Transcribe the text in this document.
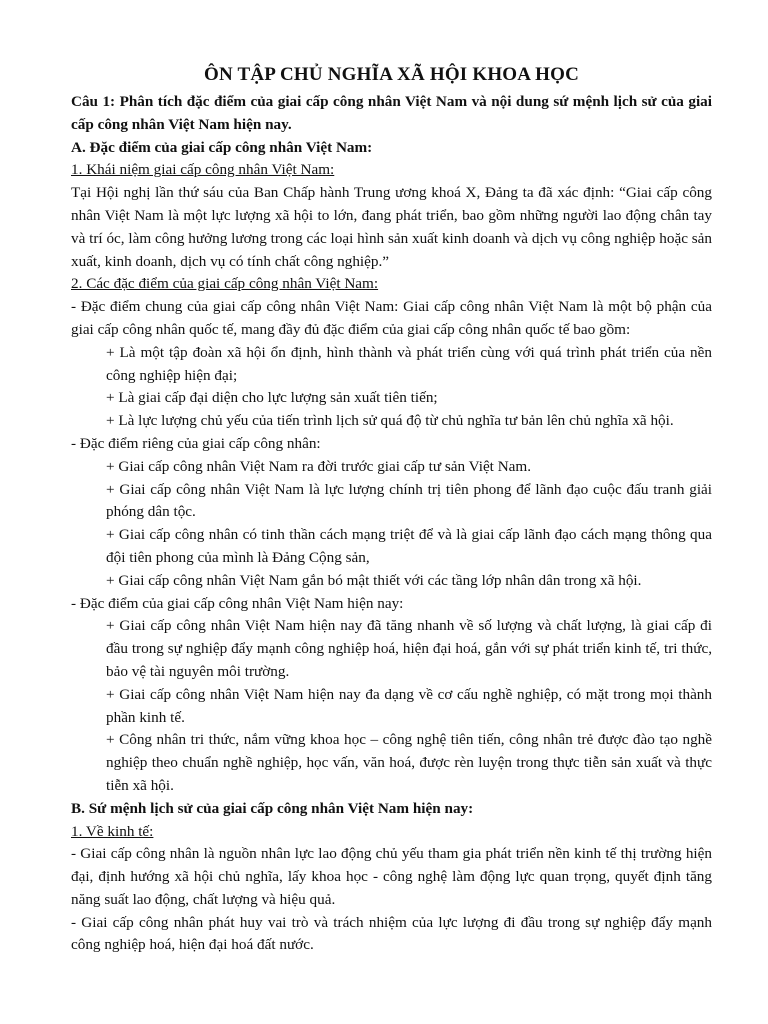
ÔN TẬP CHỦ NGHĨA XÃ HỘI KHOA HỌC

Câu 1: Phân tích đặc điểm của giai cấp công nhân Việt Nam và nội dung sứ mệnh lịch sử của giai cấp công nhân Việt Nam hiện nay.

A. Đặc điểm của giai cấp công nhân Việt Nam:

1. Khái niệm giai cấp công nhân Việt Nam:

Tại Hội nghị lần thứ sáu của Ban Chấp hành Trung ương khoá X, Đảng ta đã xác định: “Giai cấp công nhân Việt Nam là một lực lượng xã hội to lớn, đang phát triển, bao gồm những người lao động chân tay và trí óc, làm công hưởng lương trong các loại hình sản xuất kinh doanh và dịch vụ công nghiệp hoặc sản xuất, kinh doanh, dịch vụ có tính chất công nghiệp.”

2. Các đặc điểm của giai cấp công nhân Việt Nam:

- Đặc điểm chung của giai cấp công nhân Việt Nam: Giai cấp công nhân Việt Nam là một bộ phận của giai cấp công nhân quốc tế, mang đầy đủ đặc điểm của giai cấp công nhân quốc tế bao gồm:

+ Là một tập đoàn xã hội ổn định, hình thành và phát triển cùng với quá trình phát triển của nền công nghiệp hiện đại;

+ Là giai cấp đại diện cho lực lượng sản xuất tiên tiến;

+ Là lực lượng chủ yếu của tiến trình lịch sử quá độ từ chủ nghĩa tư bản lên chủ nghĩa xã hội.

- Đặc điểm riêng của giai cấp công nhân:

+ Giai cấp công nhân Việt Nam ra đời trước giai cấp tư sản Việt Nam.

+ Giai cấp công nhân Việt Nam là lực lượng chính trị tiên phong để lãnh đạo cuộc đấu tranh giải phóng dân tộc.

+ Giai cấp công nhân có tinh thần cách mạng triệt để và là giai cấp lãnh đạo cách mạng thông qua đội tiên phong của mình là Đảng Cộng sản,

+ Giai cấp công nhân Việt Nam gắn bó mật thiết với các tầng lớp nhân dân trong xã hội.

- Đặc điểm của giai cấp công nhân Việt Nam hiện nay:

+ Giai cấp công nhân Việt Nam hiện nay đã tăng nhanh về số lượng và chất lượng, là giai cấp đi đầu trong sự nghiệp đẩy mạnh công nghiệp hoá, hiện đại hoá, gắn với sự phát triển kinh tế, tri thức, bảo vệ tài nguyên môi trường.

+ Giai cấp công nhân Việt Nam hiện nay đa dạng về cơ cấu nghề nghiệp, có mặt trong mọi thành phần kinh tế.

+ Công nhân tri thức, nắm vững khoa học – công nghệ tiên tiến, công nhân trẻ được đào tạo nghề nghiệp theo chuẩn nghề nghiệp, học vấn, văn hoá, được rèn luyện trong thực tiễn sản xuất và thực tiễn xã hội.

B. Sứ mệnh lịch sử của giai cấp công nhân Việt Nam hiện nay:

1. Về kinh tế:

- Giai cấp công nhân là nguồn nhân lực lao động chủ yếu tham gia phát triển nền kinh tế thị trường hiện đại, định hướng xã hội chủ nghĩa, lấy khoa học - công nghệ làm động lực quan trọng, quyết định tăng năng suất lao động, chất lượng và hiệu quả.

- Giai cấp công nhân phát huy vai trò và trách nhiệm của lực lượng đi đầu trong sự nghiệp đẩy mạnh công nghiệp hoá, hiện đại hoá đất nước.
